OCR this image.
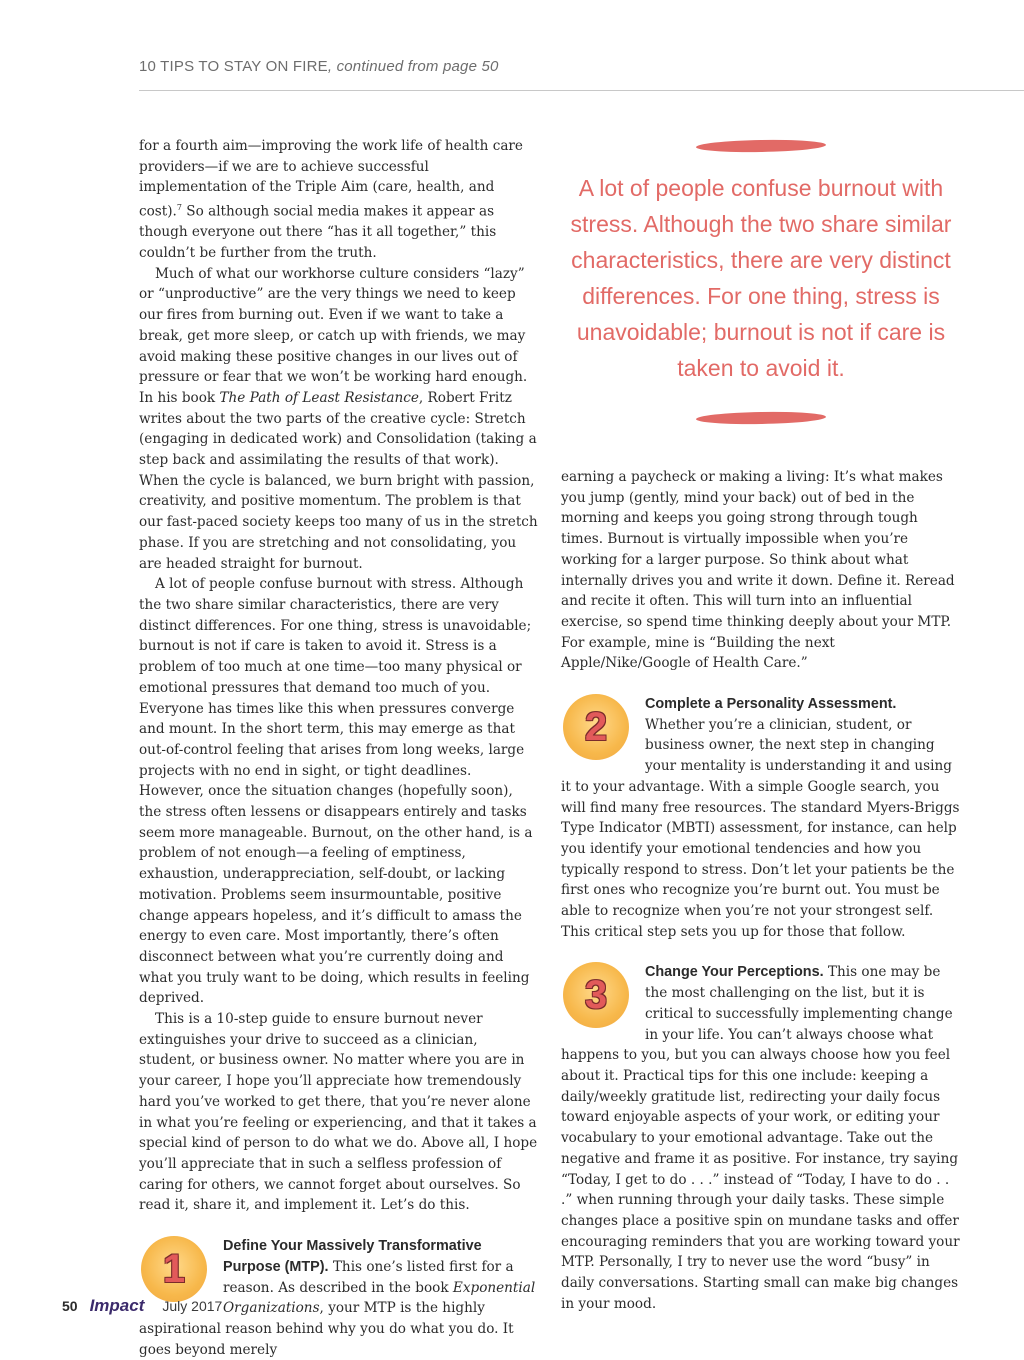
10 TIPS TO STAY ON FIRE, continued from page 50

for a fourth aim—improving the work life of health care providers—if we are to achieve successful implementation of the Triple Aim (care, health, and cost).$^7$ So although social media makes it appear as though everyone out there “has it all together,” this couldn’t be further from the truth.

Much of what our workhorse culture considers “lazy” or “unproductive” are the very things we need to keep our fires from burning out. Even if we want to take a break, get more sleep, or catch up with friends, we may avoid making these positive changes in our lives out of pressure or fear that we won’t be working hard enough. In his book The Path of Least Resistance, Robert Fritz writes about the two parts of the creative cycle: Stretch (engaging in dedicated work) and Consolidation (taking a step back and assimilating the results of that work). When the cycle is balanced, we burn bright with passion, creativity, and positive momentum. The problem is that our fast-paced society keeps too many of us in the stretch phase. If you are stretching and not consolidating, you are headed straight for burnout.

A lot of people confuse burnout with stress. Although the two share similar characteristics, there are very distinct differences. For one thing, stress is unavoidable; burnout is not if care is taken to avoid it. Stress is a problem of too much at one time—too many physical or emotional pressures that demand too much of you. Everyone has times like this when pressures converge and mount. In the short term, this may emerge as that out-of-control feeling that arises from long weeks, large projects with no end in sight, or tight deadlines. However, once the situation changes (hopefully soon), the stress often lessens or disappears entirely and tasks seem more manageable. Burnout, on the other hand, is a problem of not enough—a feeling of emptiness, exhaustion, underappreciation, self-doubt, or lacking motivation. Problems seem insurmountable, positive change appears hopeless, and it’s difficult to amass the energy to even care. Most importantly, there’s often disconnect between what you’re currently doing and what you truly want to be doing, which results in feeling deprived.

This is a 10-step guide to ensure burnout never extinguishes your drive to succeed as a clinician, student, or business owner. No matter where you are in your career, I hope you’ll appreciate how tremendously hard you’ve worked to get there, that you’re never alone in what you’re feeling or experiencing, and that it takes a special kind of person to do what we do. Above all, I hope you’ll appreciate that in such a selfless profession of caring for others, we cannot forget about ourselves. So read it, share it, and implement it. Let’s do this.

1

Define Your Massively Transformative Purpose (MTP). This one’s listed first for a reason. As described in the book Exponential Organizations, your MTP is the highly aspirational reason behind why you do what you do. It goes beyond merely

A lot of people confuse burnout with stress. Although the two share similar characteristics, there are very distinct differences. For one thing, stress is unavoidable; burnout is not if care is taken to avoid it.

earning a paycheck or making a living: It’s what makes you jump (gently, mind your back) out of bed in the morning and keeps you going strong through tough times. Burnout is virtually impossible when you’re working for a larger purpose. So think about what internally drives you and write it down. Define it. Reread and recite it often. This will turn into an influential exercise, so spend time thinking deeply about your MTP. For example, mine is “Building the next Apple/Nike/Google of Health Care.”

2

Complete a Personality Assessment. Whether you’re a clinician, student, or business owner, the next step in changing your mentality is understanding it and using it to your advantage. With a simple Google search, you will find many free resources. The standard Myers-Briggs Type Indicator (MBTI) assessment, for instance, can help you identify your emotional tendencies and how you typically respond to stress. Don’t let your patients be the first ones who recognize you’re burnt out. You must be able to recognize when you’re not your strongest self. This critical step sets you up for those that follow.

3

Change Your Perceptions. This one may be the most challenging on the list, but it is critical to successfully implementing change in your life. You can’t always choose what happens to you, but you can always choose how you feel about it. Practical tips for this one include: keeping a daily/weekly gratitude list, redirecting your daily focus toward enjoyable aspects of your work, or editing your vocabulary to your emotional advantage. Take out the negative and frame it as positive. For instance, try saying “Today, I get to do . . .” instead of “Today, I have to do . . .” when running through your daily tasks. These simple changes place a positive spin on mundane tasks and offer encouraging reminders that you are working toward your MTP. Personally, I try to never use the word “busy” in daily conversations. Starting small can make big changes in your mood.

50 Impact July 2017
